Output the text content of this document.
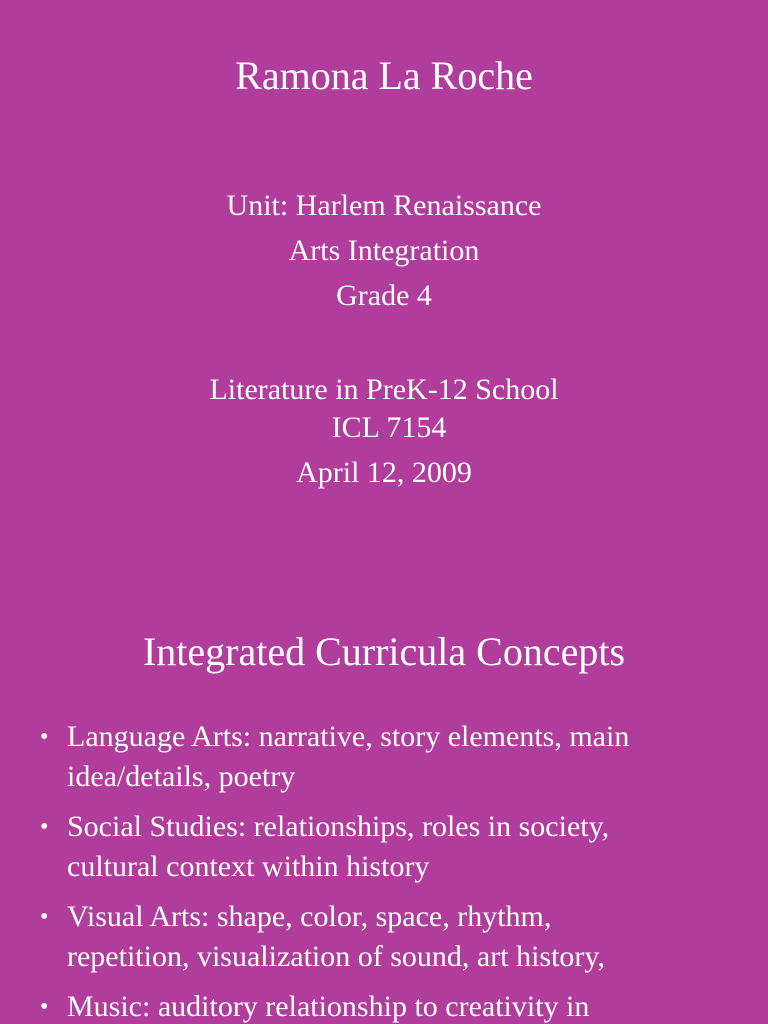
Ramona La Roche
Unit: Harlem Renaissance
Arts Integration
Grade 4
Literature in PreK-12 School
ICL 7154
April 12, 2009
Integrated Curricula Concepts
• Language Arts: narrative, story elements, main
idea/details, poetry
• Social Studies: relationships, roles in society,
cultural context within history
• Visual Arts: shape, color, space, rhythm,
repetition, visualization of sound, art history,
• Music: auditory relationship to creativity in
